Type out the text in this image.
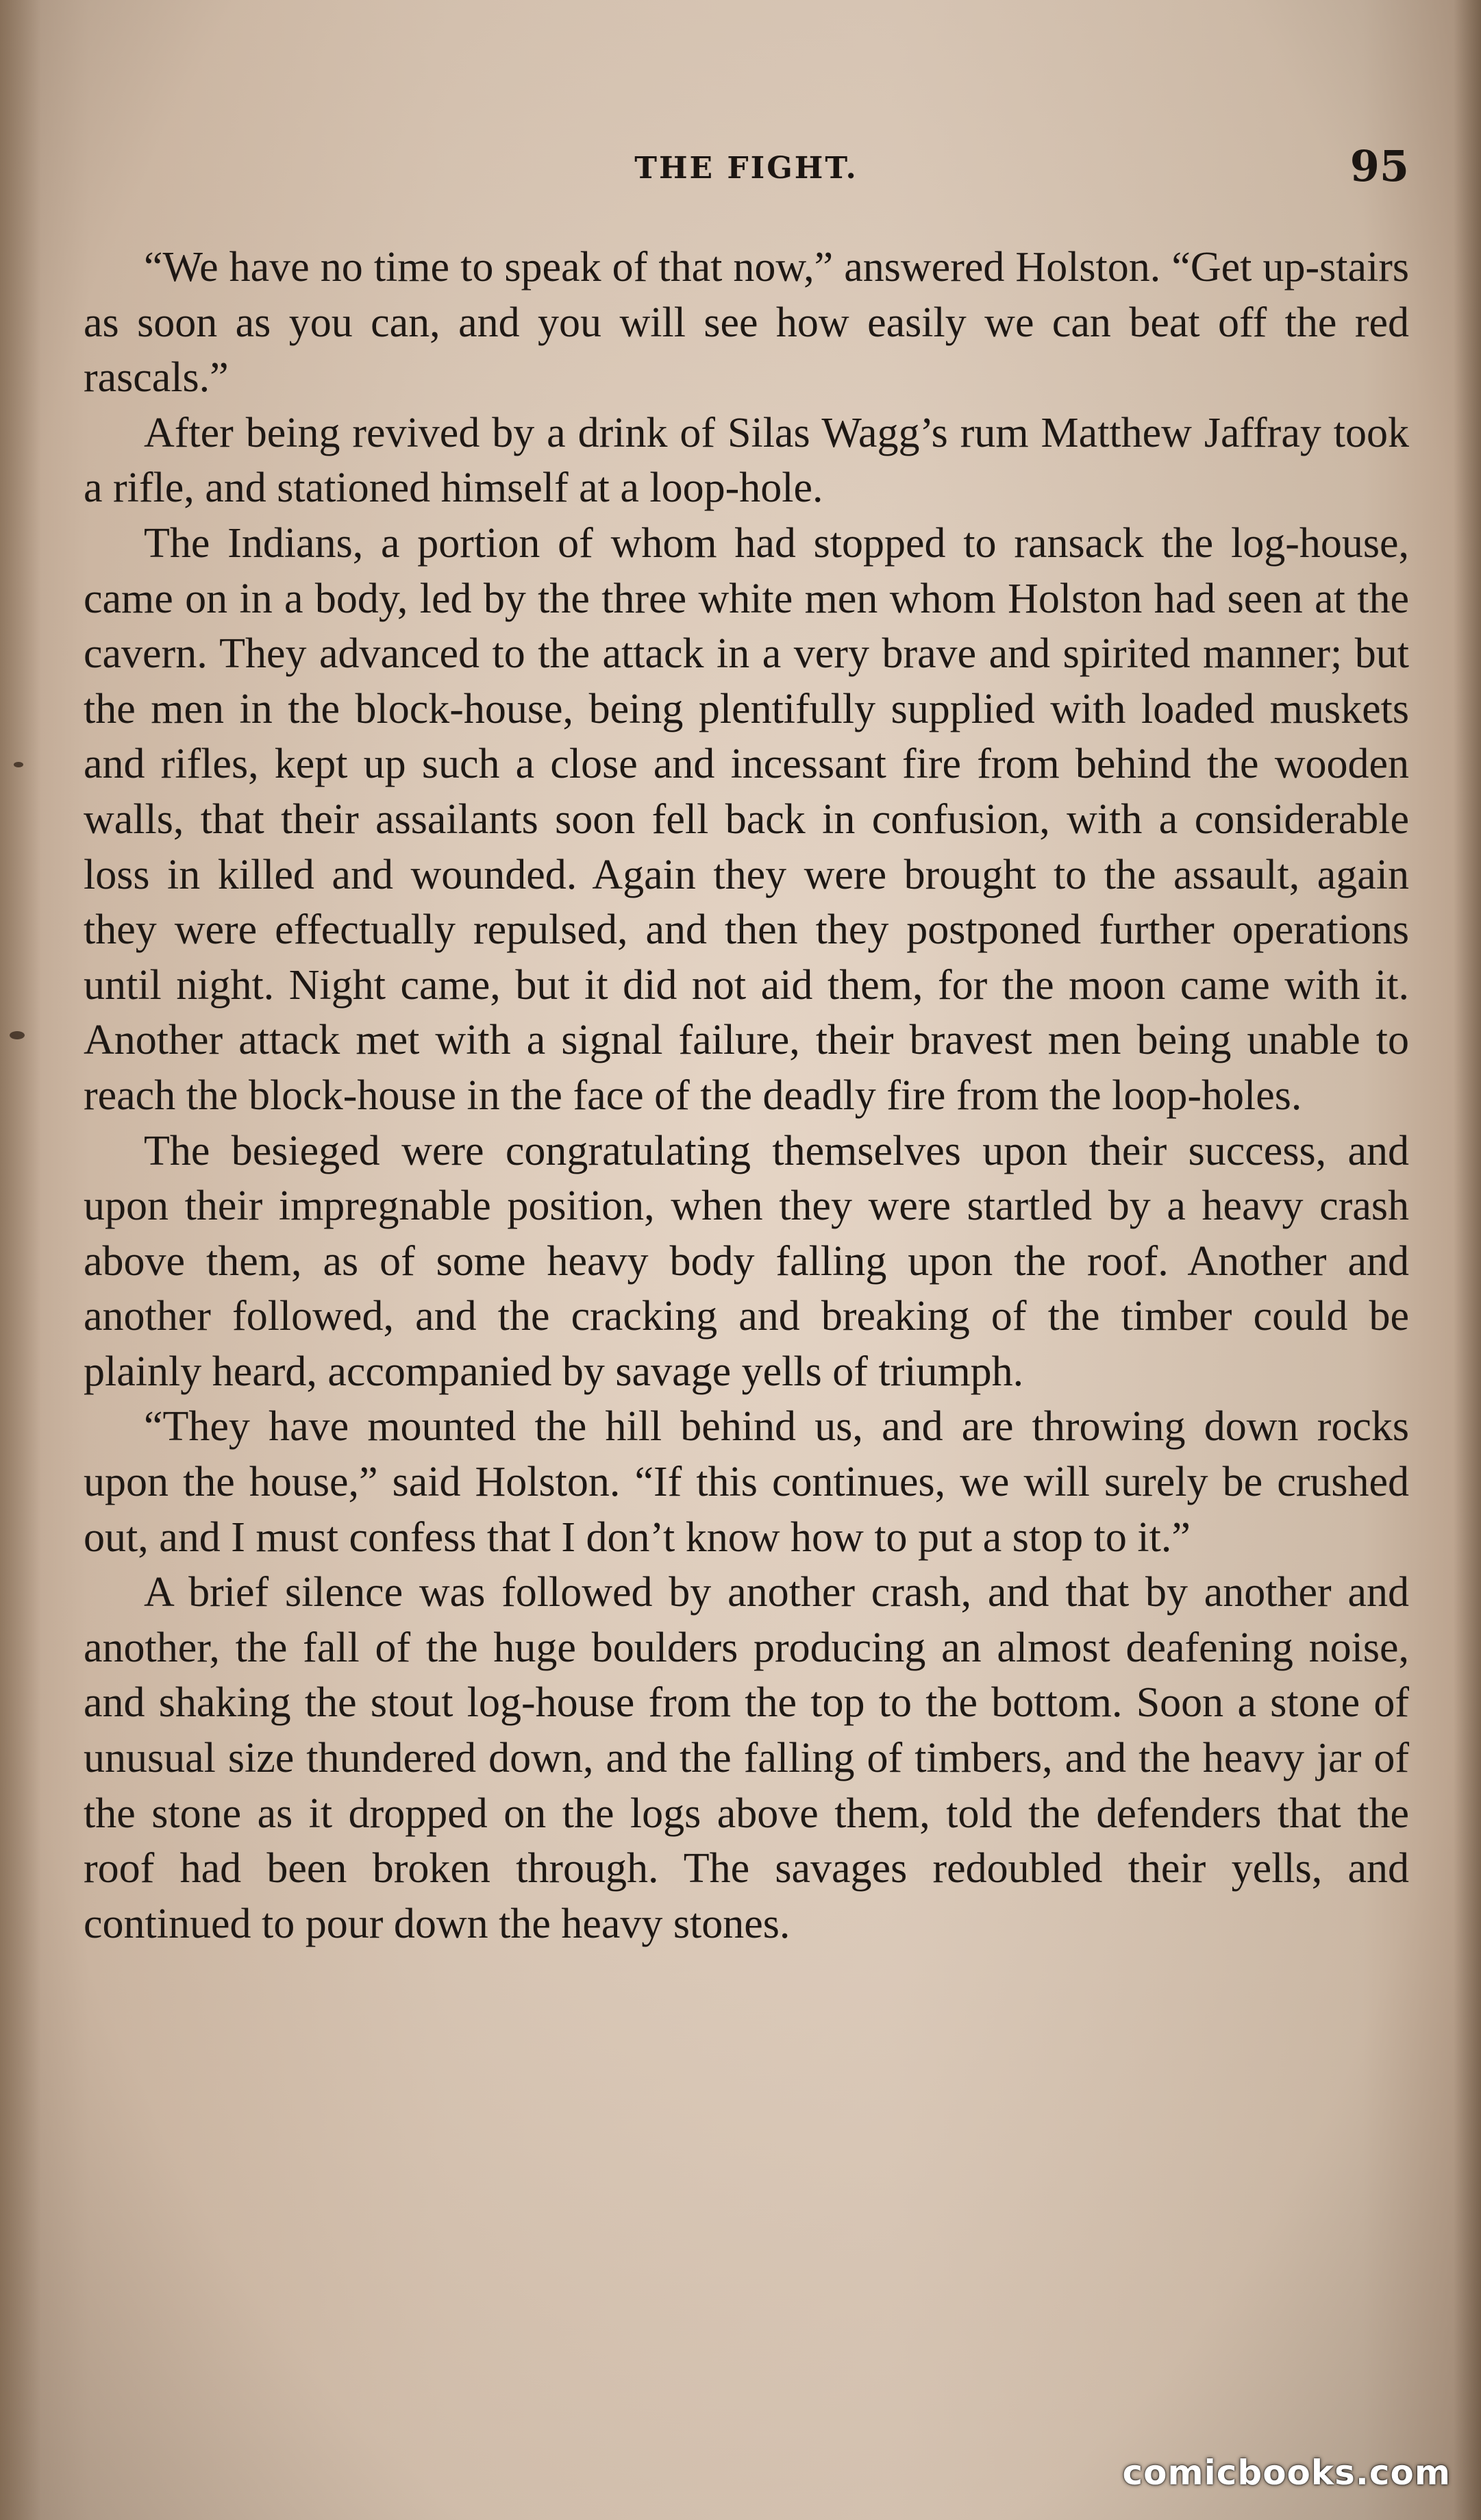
THE FIGHT.	95

“We have no time to speak of that now,” answered Holston. “Get up-stairs as soon as you can, and you will see how easily we can beat off the red rascals.”

After being revived by a drink of Silas Wagg’s rum Matthew Jaffray took a rifle, and stationed himself at a loop-hole.

The Indians, a portion of whom had stopped to ransack the log-house, came on in a body, led by the three white men whom Holston had seen at the cavern. They advanced to the attack in a very brave and spirited manner; but the men in the block-house, being plentifully supplied with loaded muskets and rifles, kept up such a close and incessant fire from behind the wooden walls, that their assailants soon fell back in confusion, with a considerable loss in killed and wounded. Again they were brought to the assault, again they were effectually repulsed, and then they postponed further operations until night. Night came, but it did not aid them, for the moon came with it. Another attack met with a signal failure, their bravest men being unable to reach the block-house in the face of the deadly fire from the loop-holes.

The besieged were congratulating themselves upon their success, and upon their impregnable position, when they were startled by a heavy crash above them, as of some heavy body falling upon the roof. Another and another followed, and the cracking and breaking of the timber could be plainly heard, accompanied by savage yells of triumph.

“They have mounted the hill behind us, and are throwing down rocks upon the house,” said Holston. “If this continues, we will surely be crushed out, and I must confess that I don’t know how to put a stop to it.”

A brief silence was followed by another crash, and that by another and another, the fall of the huge boulders producing an almost deafening noise, and shaking the stout log-house from the top to the bottom. Soon a stone of unusual size thundered down, and the falling of timbers, and the heavy jar of the stone as it dropped on the logs above them, told the defenders that the roof had been broken through. The savages redoubled their yells, and continued to pour down the heavy stones.

comicbooks.com
